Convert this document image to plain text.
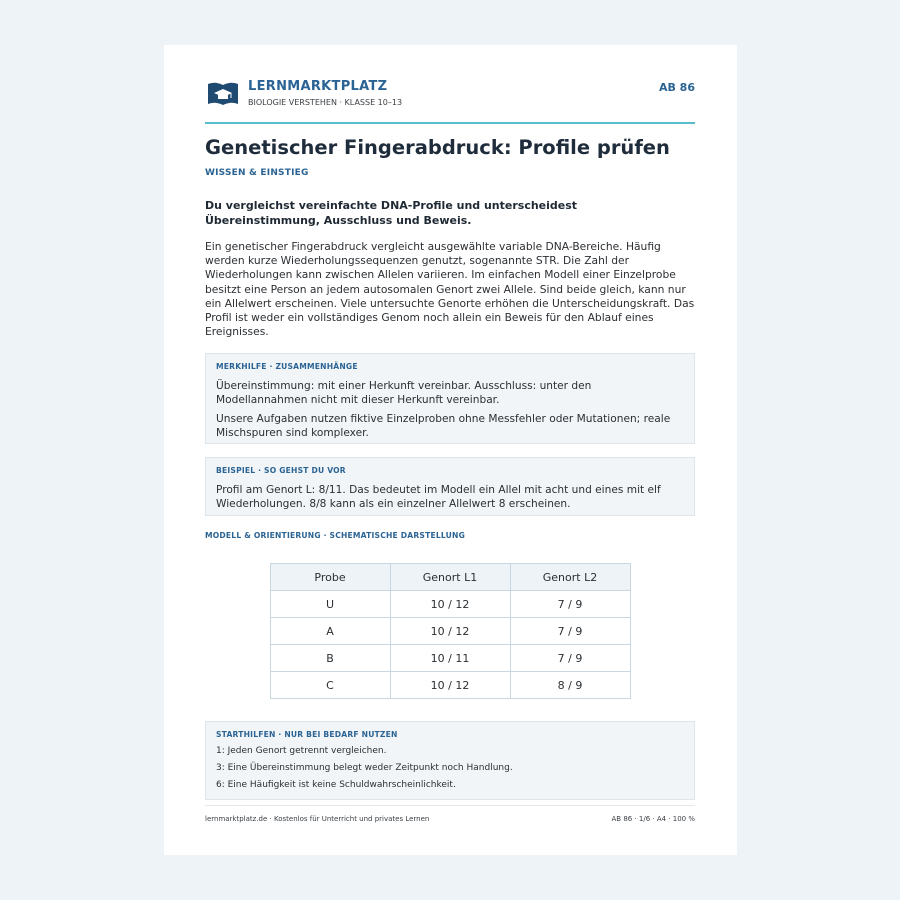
LERNMARKTPLATZ
BIOLOGIE VERSTEHEN · KLASSE 10–13
AB 86
Genetischer Fingerabdruck: Profile prüfen
WISSEN & EINSTIEG
Du vergleichst vereinfachte DNA-Profile und unterscheidest Übereinstimmung, Ausschluss und Beweis.
Ein genetischer Fingerabdruck vergleicht ausgewählte variable DNA-Bereiche. Häufig werden kurze Wiederholungssequenzen genutzt, sogenannte STR. Die Zahl der Wiederholungen kann zwischen Allelen variieren. Im einfachen Modell einer Einzelprobe besitzt eine Person an jedem autosomalen Genort zwei Allele. Sind beide gleich, kann nur ein Allelwert erscheinen. Viele untersuchte Genorte erhöhen die Unterscheidungskraft. Das Profil ist weder ein vollständiges Genom noch allein ein Beweis für den Ablauf eines Ereignisses.
MERKHILFE · ZUSAMMENHÄNGE

Übereinstimmung: mit einer Herkunft vereinbar. Ausschluss: unter den Modellannahmen nicht mit dieser Herkunft vereinbar.

Unsere Aufgaben nutzen fiktive Einzelproben ohne Messfehler oder Mutationen; reale Mischspuren sind komplexer.

BEISPIEL · SO GEHST DU VOR

Profil am Genort L: 8/11. Das bedeutet im Modell ein Allel mit acht und eines mit elf Wiederholungen. 8/8 kann als ein einzelner Allelwert 8 erscheinen.

MODELL & ORIENTIERUNG · SCHEMATISCHE DARSTELLUNG
Probe	Genort L1	Genort L2
U	10 / 12	7 / 9
A	10 / 12	7 / 9
B	10 / 11	7 / 9
C	10 / 12	8 / 9
STARTHILFEN · NUR BEI BEDARF NUTZEN
1: Jeden Genort getrennt vergleichen.
3: Eine Übereinstimmung belegt weder Zeitpunkt noch Handlung.
6: Eine Häufigkeit ist keine Schuldwahrscheinlichkeit.
lernmarktplatz.de · Kostenlos für Unterricht und privates Lernen	AB 86 · 1/6 · A4 · 100 %
